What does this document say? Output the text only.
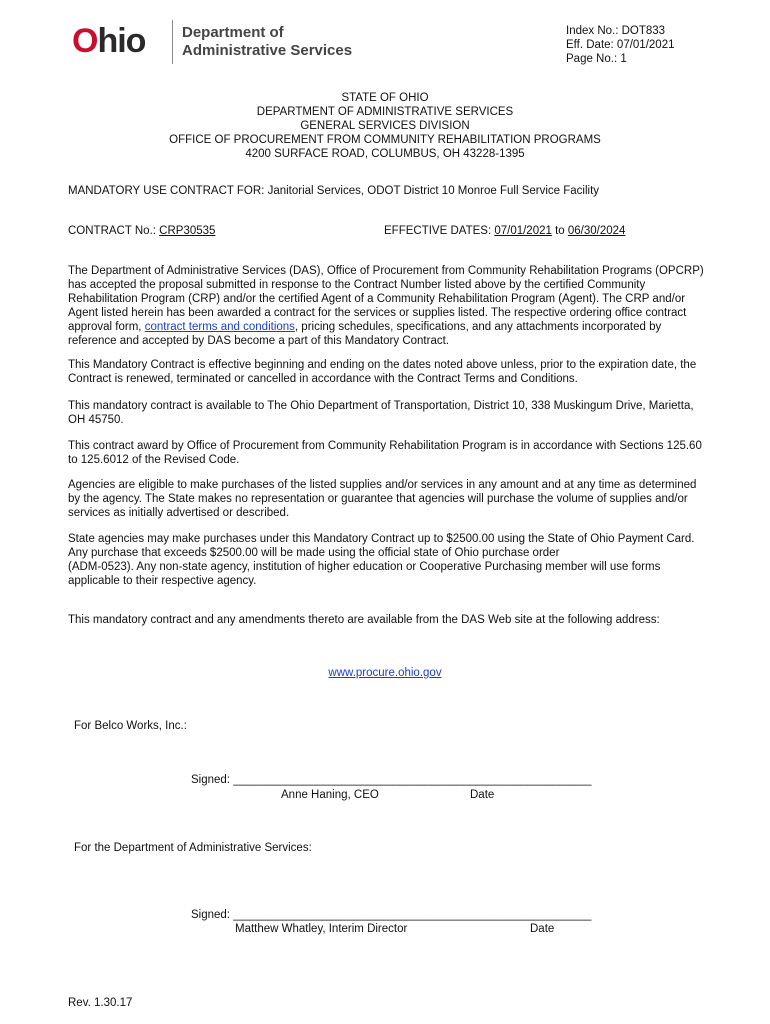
Ohio Department of
Administrative Services
Index No.: DOT833
Eff. Date: 07/01/2021
Page No.: 1
STATE OF OHIO
DEPARTMENT OF ADMINISTRATIVE SERVICES
GENERAL SERVICES DIVISION
OFFICE OF PROCUREMENT FROM COMMUNITY REHABILITATION PROGRAMS
4200 SURFACE ROAD, COLUMBUS, OH 43228-1395
MANDATORY USE CONTRACT FOR: Janitorial Services, ODOT District 10 Monroe Full Service Facility
CONTRACT No.: CRP30535	EFFECTIVE DATES: 07/01/2021 to 06/30/2024
The Department of Administrative Services (DAS), Office of Procurement from Community Rehabilitation Programs (OPCRP) has accepted the proposal submitted in response to the Contract Number listed above by the certified Community Rehabilitation Program (CRP) and/or the certified Agent of a Community Rehabilitation Program (Agent). The CRP and/or Agent listed herein has been awarded a contract for the services or supplies listed. The respective ordering office contract approval form, contract terms and conditions, pricing schedules, specifications, and any attachments incorporated by reference and accepted by DAS become a part of this Mandatory Contract.
This Mandatory Contract is effective beginning and ending on the dates noted above unless, prior to the expiration date, the Contract is renewed, terminated or cancelled in accordance with the Contract Terms and Conditions.
This mandatory contract is available to The Ohio Department of Transportation, District 10, 338 Muskingum Drive, Marietta, OH 45750.
This contract award by Office of Procurement from Community Rehabilitation Program is in accordance with Sections 125.60 to 125.6012 of the Revised Code.
Agencies are eligible to make purchases of the listed supplies and/or services in any amount and at any time as determined by the agency. The State makes no representation or guarantee that agencies will purchase the volume of supplies and/or services as initially advertised or described.
State agencies may make purchases under this Mandatory Contract up to $2500.00 using the State of Ohio Payment Card. Any purchase that exceeds $2500.00 will be made using the official state of Ohio purchase order
(ADM-0523). Any non-state agency, institution of higher education or Cooperative Purchasing member will use forms applicable to their respective agency.
This mandatory contract and any amendments thereto are available from the DAS Web site at the following address:
www.procure.ohio.gov
For Belco Works, Inc.:
Signed: ________________________________________________________
Anne Haning, CEO	Date
For the Department of Administrative Services:
Signed: ________________________________________________________
Matthew Whatley, Interim Director	Date
Rev. 1.30.17
